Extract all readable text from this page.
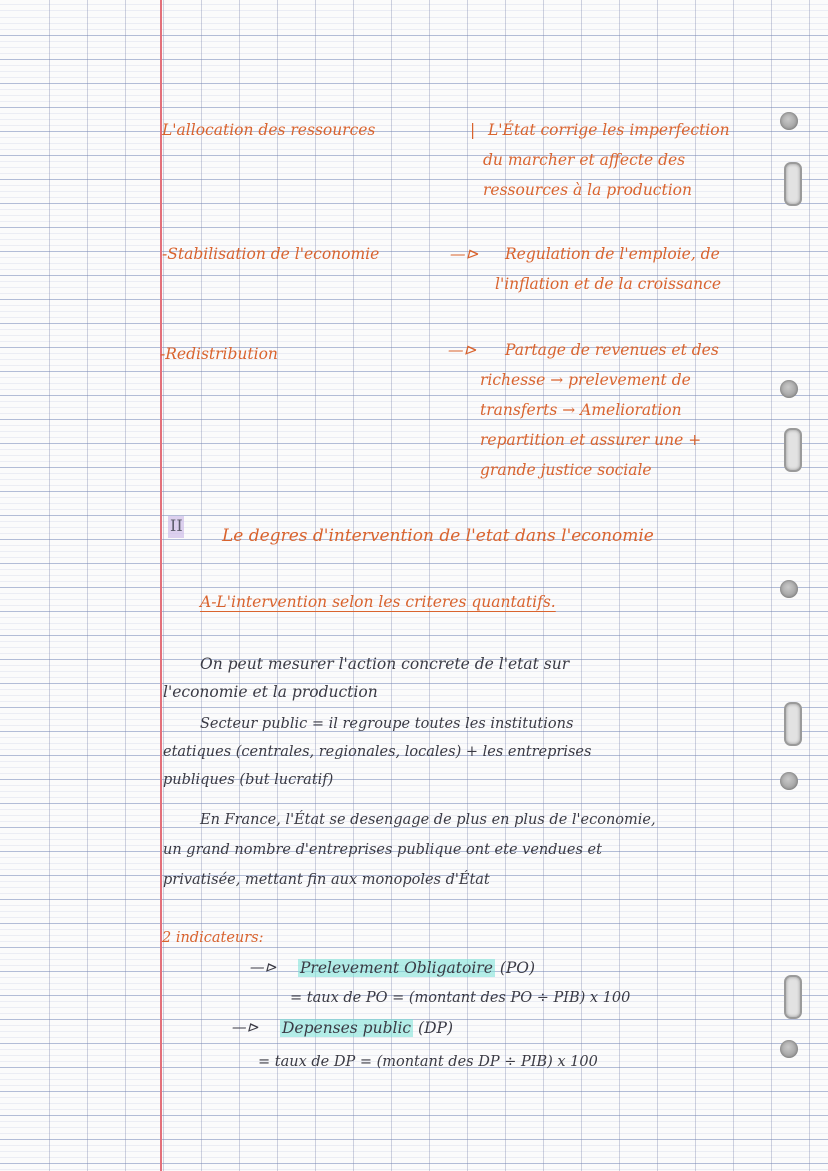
L'allocation des ressources	| L'État corrige les imperfection
du marcher et affecte des
ressources à la production
-Stabilisation de l'economie	—⊳ Regulation de l'emploie, de
l'inflation et de la croissance
-Redistribution	—⊳ Partage de revenues et des
richesse → prelevement de
transferts → Amelioration
repartition et assurer une +
grande justice sociale
II
Le degres d'intervention de l'etat dans l'economie
A-L'intervention selon les criteres quantatifs.
On peut mesurer l'action concrete de l'etat sur
l'economie et la production
Secteur public = il regroupe toutes les institutions
etatiques (centrales, regionales, locales) + les entreprises
publiques (but lucratif)
En France, l'État se desengage de plus en plus de l'economie,
un grand nombre d'entreprises publique ont ete vendues et
privatisée, mettant fin aux monopoles d'État
2 indicateurs:
—⊳ Prelevement Obligatoire (PO)
= taux de PO = (montant des PO ÷ PIB) x 100
—⊳ Depenses public (DP)
= taux de DP = (montant des DP ÷ PIB) x 100
